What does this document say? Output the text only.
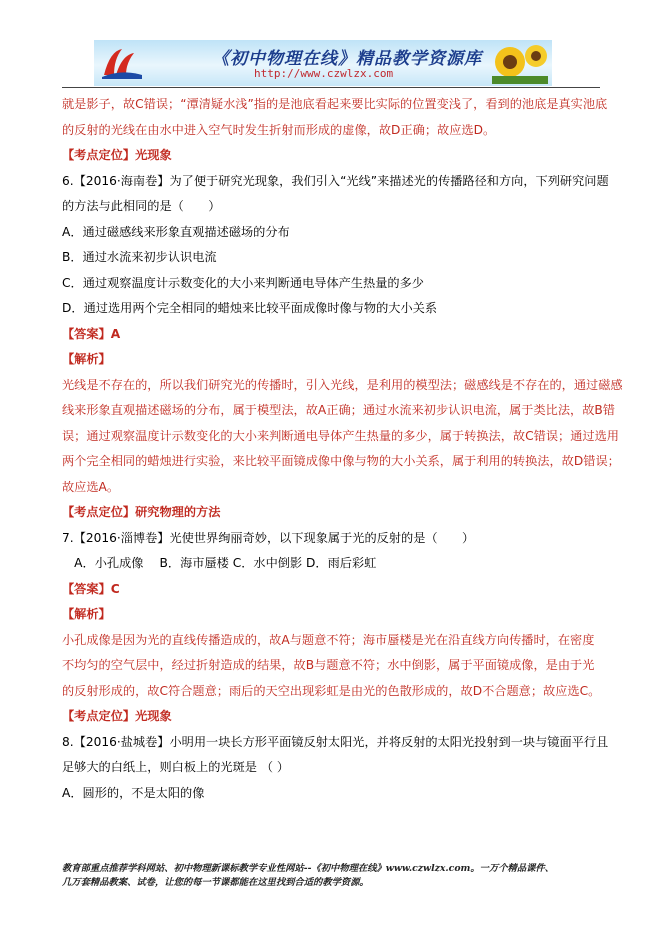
《初中物理在线》精品教学资源库
http://www.czwlzx.com
就是影子，故C错误；“潭清疑水浅”指的是池底看起来要比实际的位置变浅了，看到的池底是真实池底
的反射的光线在由水中进入空气时发生折射而形成的虚像，故D正确；故应选D。
【考点定位】光现象
6.【2016·海南卷】为了便于研究光现象，我们引入“光线”来描述光的传播路径和方向，下列研究问题
的方法与此相同的是（　　）
A．通过磁感线来形象直观描述磁场的分布
B．通过水流来初步认识电流
C．通过观察温度计示数变化的大小来判断通电导体产生热量的多少
D．通过选用两个完全相同的蜡烛来比较平面成像时像与物的大小关系
【答案】A
【解析】
光线是不存在的，所以我们研究光的传播时，引入光线，是利用的模型法；磁感线是不存在的，通过磁感
线来形象直观描述磁场的分布，属于模型法，故A正确；通过水流来初步认识电流，属于类比法，故B错
误；通过观察温度计示数变化的大小来判断通电导体产生热量的多少，属于转换法，故C错误；通过选用
两个完全相同的蜡烛进行实验，来比较平面镜成像中像与物的大小关系，属于利用的转换法，故D错误；
故应选A。
【考点定位】研究物理的方法
7.【2016·淄博卷】光使世界绚丽奇妙，以下现象属于光的反射的是（　　）
　A．小孔成像　 B．海市蜃楼 C．水中倒影 D．雨后彩虹
【答案】C
【解析】
小孔成像是因为光的直线传播造成的，故A与题意不符；海市蜃楼是光在沿直线方向传播时，在密度
不均匀的空气层中，经过折射造成的结果，故B与题意不符；水中倒影，属于平面镜成像，是由于光
的反射形成的，故C符合题意；雨后的天空出现彩虹是由光的色散形成的，故D不合题意；故应选C。
【考点定位】光现象
8.【2016·盐城卷】小明用一块长方形平面镜反射太阳光，并将反射的太阳光投射到一块与镜面平行且
足够大的白纸上，则白板上的光斑是 （ ）
A．圆形的，不是太阳的像
教育部重点推荐学科网站、初中物理新课标教学专业性网站--《初中物理在线》www.czwlzx.com。一万个精品课件、
几万套精品教案、试卷，让您的每一节课都能在这里找到合适的教学资源。
